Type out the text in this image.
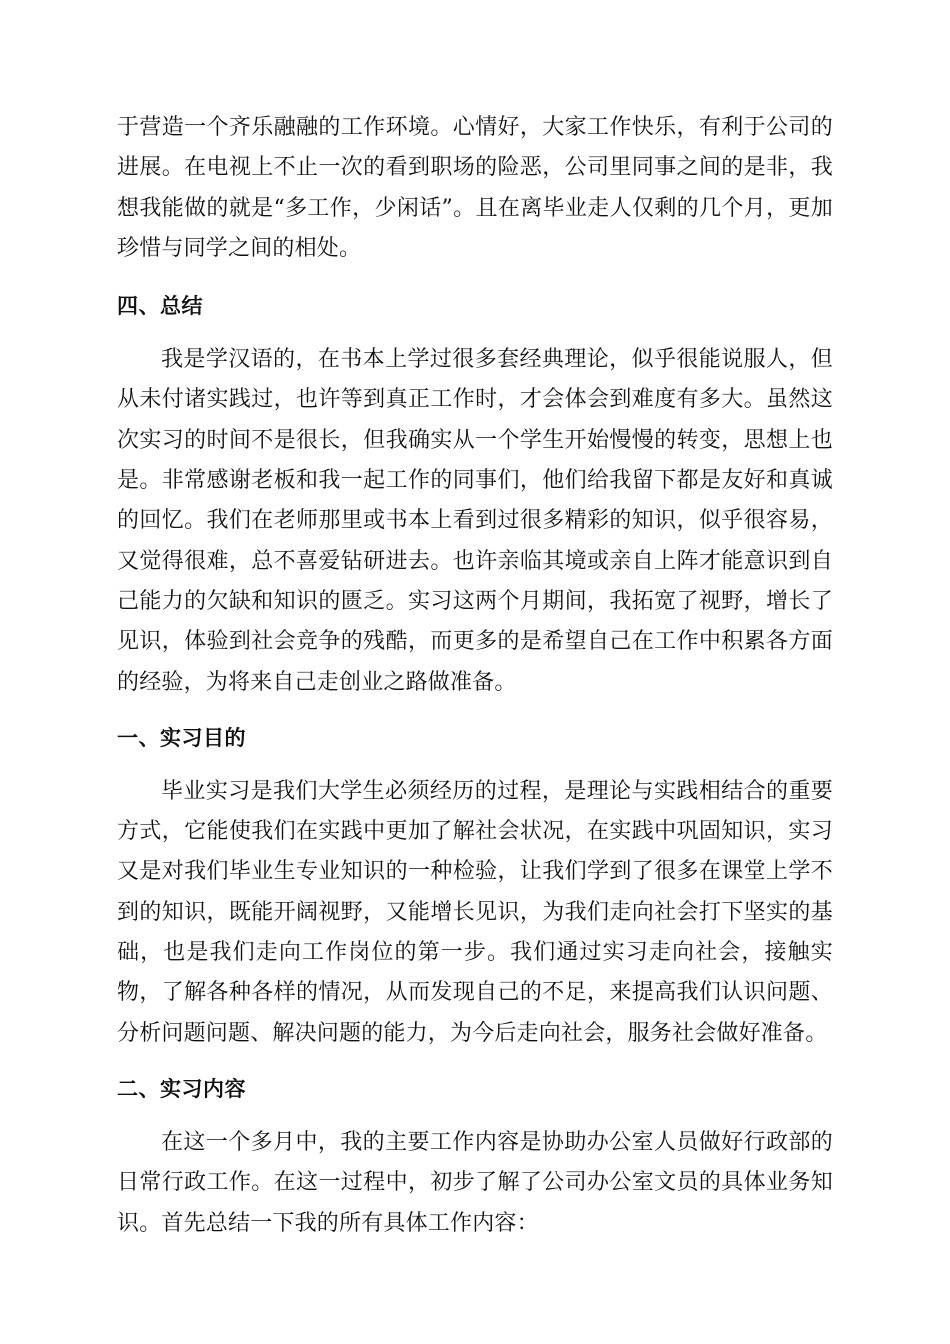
于营造一个齐乐融融的工作环境。心情好，大家工作快乐，有利于公司的进展。在电视上不止一次的看到职场的险恶，公司里同事之间的是非，我想我能做的就是“多工作，少闲话”。且在离毕业走人仅剩的几个月，更加珍惜与同学之间的相处。

四、总结

我是学汉语的，在书本上学过很多套经典理论，似乎很能说服人，但从未付诸实践过，也许等到真正工作时，才会体会到难度有多大。虽然这次实习的时间不是很长，但我确实从一个学生开始慢慢的转变，思想上也是。非常感谢老板和我一起工作的同事们，他们给我留下都是友好和真诚的回忆。我们在老师那里或书本上看到过很多精彩的知识，似乎很容易，又觉得很难，总不喜爱钻研进去。也许亲临其境或亲自上阵才能意识到自己能力的欠缺和知识的匮乏。实习这两个月期间，我拓宽了视野，增长了见识，体验到社会竞争的残酷，而更多的是希望自己在工作中积累各方面的经验，为将来自己走创业之路做准备。

一、实习目的

毕业实习是我们大学生必须经历的过程，是理论与实践相结合的重要方式，它能使我们在实践中更加了解社会状况，在实践中巩固知识，实习又是对我们毕业生专业知识的一种检验，让我们学到了很多在课堂上学不到的知识，既能开阔视野，又能增长见识，为我们走向社会打下坚实的基础，也是我们走向工作岗位的第一步。我们通过实习走向社会，接触实物，了解各种各样的情况，从而发现自己的不足，来提高我们认识问题、分析问题问题、解决问题的能力，为今后走向社会，服务社会做好准备。

二、实习内容

在这一个多月中，我的主要工作内容是协助办公室人员做好行政部的日常行政工作。在这一过程中，初步了解了公司办公室文员的具体业务知识。首先总结一下我的所有具体工作内容：
